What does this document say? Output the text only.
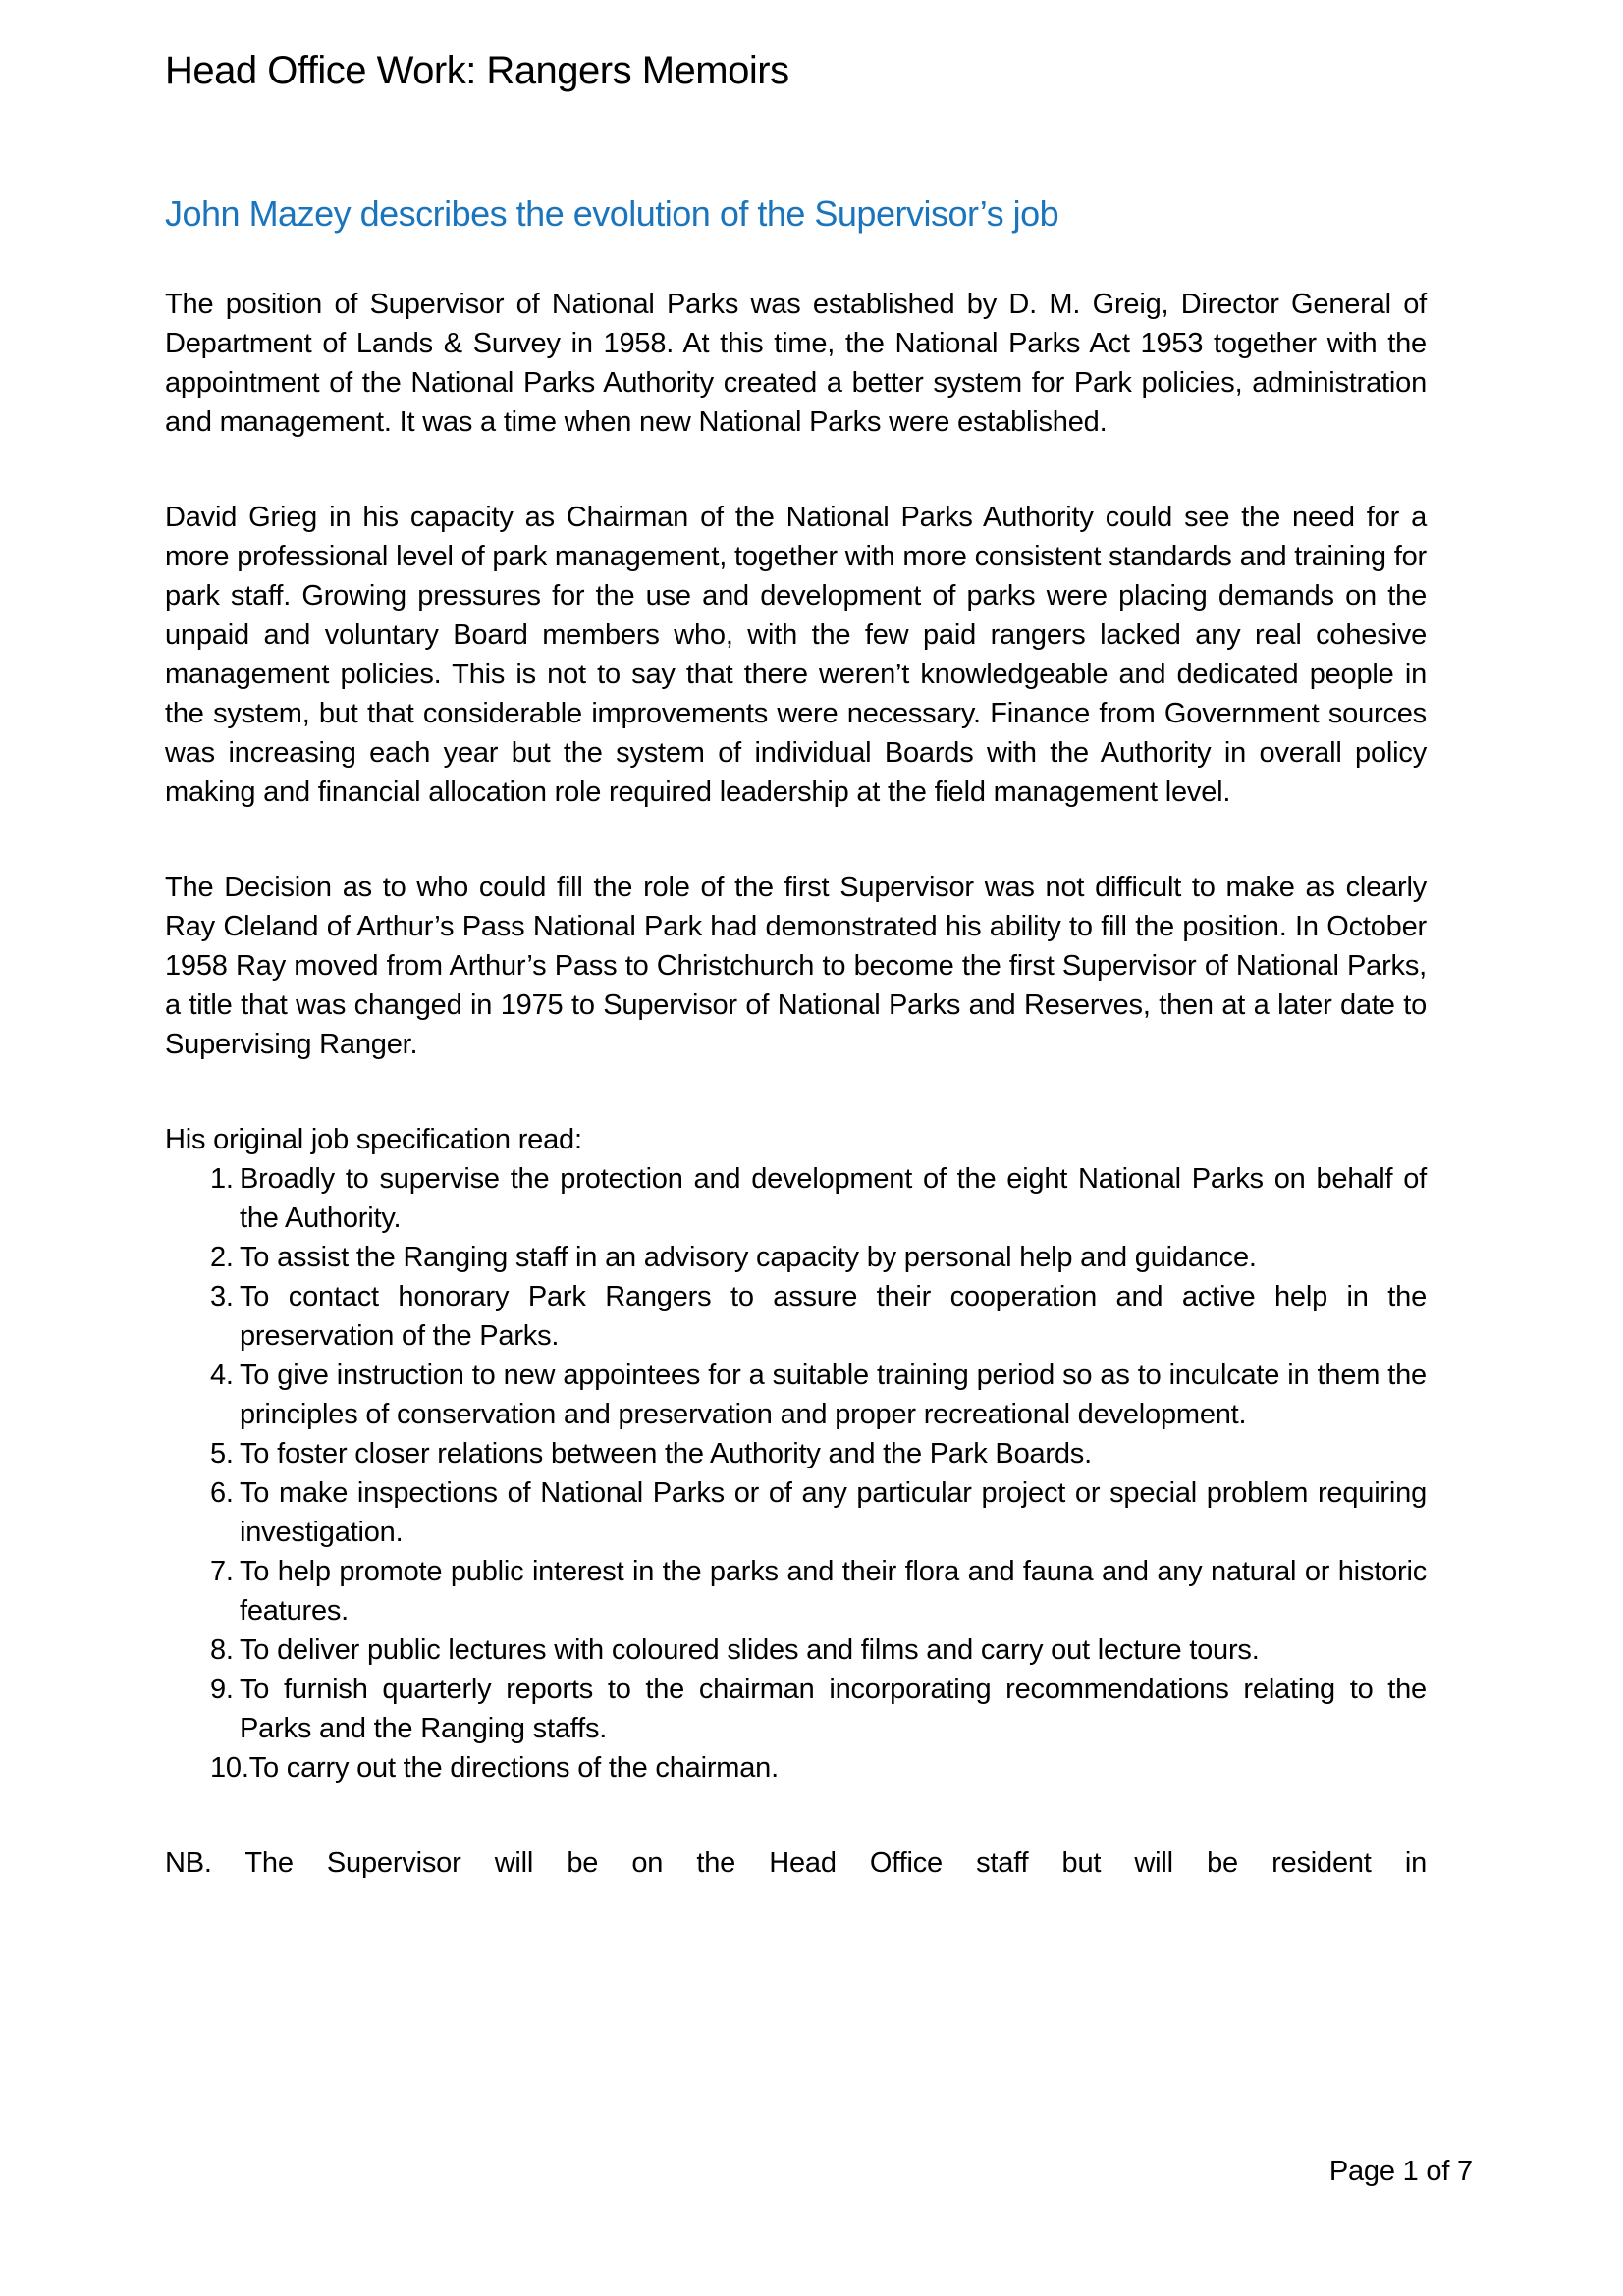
Head Office Work: Rangers Memoirs
John Mazey describes the evolution of the Supervisor’s job

The position of Supervisor of National Parks was established by D. M. Greig, Director General of Department of Lands & Survey in 1958. At this time, the National Parks Act 1953 together with the appointment of the National Parks Authority created a better system for Park policies, administration and management. It was a time when new National Parks were established.

David Grieg in his capacity as Chairman of the National Parks Authority could see the need for a more professional level of park management, together with more consistent standards and training for park staff. Growing pressures for the use and development of parks were placing demands on the unpaid and voluntary Board members who, with the few paid rangers lacked any real cohesive management policies. This is not to say that there weren’t knowledgeable and dedicated people in the system, but that considerable improvements were necessary. Finance from Government sources was increasing each year but the system of individual Boards with the Authority in overall policy making and financial allocation role required leadership at the field management level.

The Decision as to who could fill the role of the first Supervisor was not difficult to make as clearly Ray Cleland of Arthur’s Pass National Park had demonstrated his ability to fill the position. In October 1958 Ray moved from Arthur’s Pass to Christchurch to become the first Supervisor of National Parks, a title that was changed in 1975 to Supervisor of National Parks and Reserves, then at a later date to Supervising Ranger.

His original job specification read:

1. Broadly to supervise the protection and development of the eight National Parks on behalf of the Authority.
2. To assist the Ranging staff in an advisory capacity by personal help and guidance.
3. To contact honorary Park Rangers to assure their cooperation and active help in the preservation of the Parks.
4. To give instruction to new appointees for a suitable training period so as to inculcate in them the principles of conservation and preservation and proper recreational development.
5. To foster closer relations between the Authority and the Park Boards.
6. To make inspections of National Parks or of any particular project or special problem requiring investigation.
7. To help promote public interest in the parks and their flora and fauna and any natural or historic features.
8. To deliver public lectures with coloured slides and films and carry out lecture tours.
9. To furnish quarterly reports to the chairman incorporating recommendations relating to the Parks and the Ranging staffs.
10. To carry out the directions of the chairman.

NB. The Supervisor will be on the Head Office staff but will be resident in

Page 1 of 7
